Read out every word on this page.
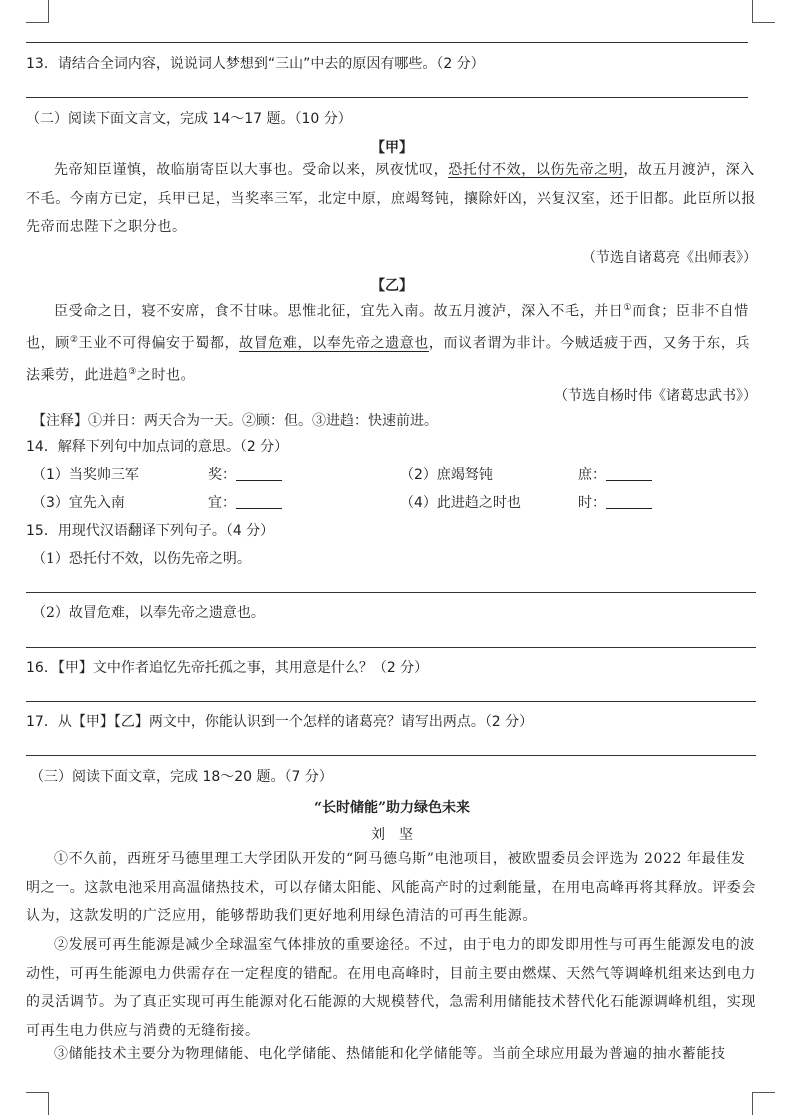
13．请结合全词内容，说说词人梦想到“三山”中去的原因有哪些。（2 分）
（二）阅读下面文言文，完成 14～17 题。（10 分）
【甲】
先帝知臣谨慎，故临崩寄臣以大事也。受命以来，夙夜忧叹，恐托付不效，以伤先帝之明，故五月渡泸，深入不毛。今南方已定，兵甲已足，当奖率三军，北定中原，庶竭驽钝，攘除奸凶，兴复汉室，还于旧都。此臣所以报先帝而忠陛下之职分也。
（节选自诸葛亮《出师表》）
【乙】
臣受命之日，寝不安席，食不甘味。思惟北征，宜先入南。故五月渡泸，深入不毛，并日①而食；臣非不自惜也，顾②王业不可得偏安于蜀都，故冒危难，以奉先帝之遗意也，而议者谓为非计。今贼适疲于西，又务于东，兵法乘劳，此进趋③之时也。
（节选自杨时伟《诸葛忠武书》）
【注释】①并日：两天合为一天。②顾：但。③进趋：快速前进。
14．解释下列句中加点词的意思。（2 分）
（1）当奖帅三军	奖：	（2）庶竭驽钝	庶：
（3）宜先入南	宜：	（4）此进趋之时也	时：
15．用现代汉语翻译下列句子。（4 分）
（1）恐托付不效，以伤先帝之明。
（2）故冒危难，以奉先帝之遗意也。
16．【甲】文中作者追忆先帝托孤之事，其用意是什么？（2 分）
17．从【甲】【乙】两文中，你能认识到一个怎样的诸葛亮？请写出两点。（2 分）
（三）阅读下面文章，完成 18～20 题。（7 分）
“长时储能”助力绿色未来
刘　坚
①不久前，西班牙马德里理工大学团队开发的“阿马德乌斯”电池项目，被欧盟委员会评选为 2022 年最佳发明之一。这款电池采用高温储热技术，可以存储太阳能、风能高产时的过剩能量，在用电高峰再将其释放。评委会认为，这款发明的广泛应用，能够帮助我们更好地利用绿色清洁的可再生能源。
②发展可再生能源是减少全球温室气体排放的重要途径。不过，由于电力的即发即用性与可再生能源发电的波动性，可再生能源电力供需存在一定程度的错配。在用电高峰时，目前主要由燃煤、天然气等调峰机组来达到电力的灵活调节。为了真正实现可再生能源对化石能源的大规模替代，急需利用储能技术替代化石能源调峰机组，实现可再生电力供应与消费的无缝衔接。
③储能技术主要分为物理储能、电化学储能、热储能和化学储能等。当前全球应用最为普遍的抽水蓄能技
